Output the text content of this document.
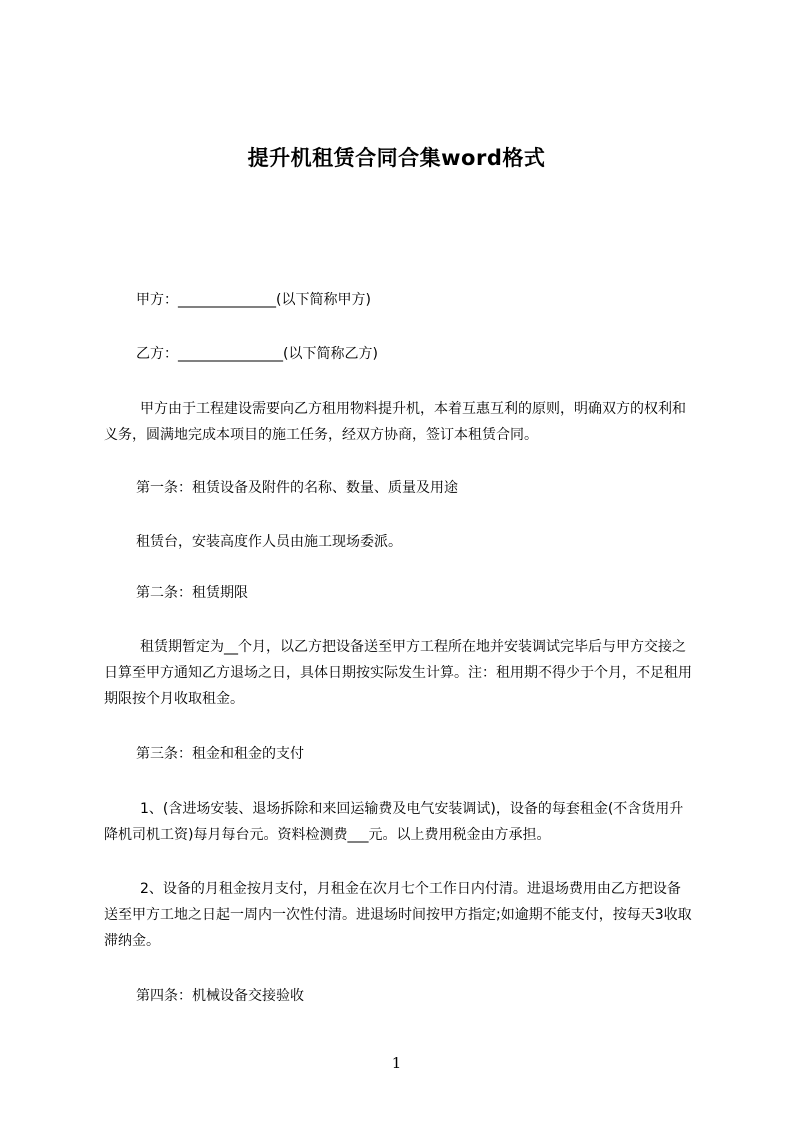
提升机租赁合同合集word格式

甲方：______________(以下简称甲方)

乙方：_______________(以下简称乙方)

甲方由于工程建设需要向乙方租用物料提升机，本着互惠互利的原则，明确双方的权利和义务，圆满地完成本项目的施工任务，经双方协商，签订本租赁合同。

第一条：租赁设备及附件的名称、数量、质量及用途

租赁台，安装高度作人员由施工现场委派。

第二条：租赁期限

租赁期暂定为__个月，以乙方把设备送至甲方工程所在地并安装调试完毕后与甲方交接之日算至甲方通知乙方退场之日，具体日期按实际发生计算。注：租用期不得少于个月，不足租用期限按个月收取租金。

第三条：租金和租金的支付

1、(含进场安装、退场拆除和来回运输费及电气安装调试)，设备的每套租金(不含货用升降机司机工资)每月每台元。资料检测费___元。以上费用税金由方承担。

2、设备的月租金按月支付，月租金在次月七个工作日内付清。进退场费用由乙方把设备送至甲方工地之日起一周内一次性付清。进退场时间按甲方指定;如逾期不能支付，按每天3收取滞纳金。

第四条：机械设备交接验收

1
